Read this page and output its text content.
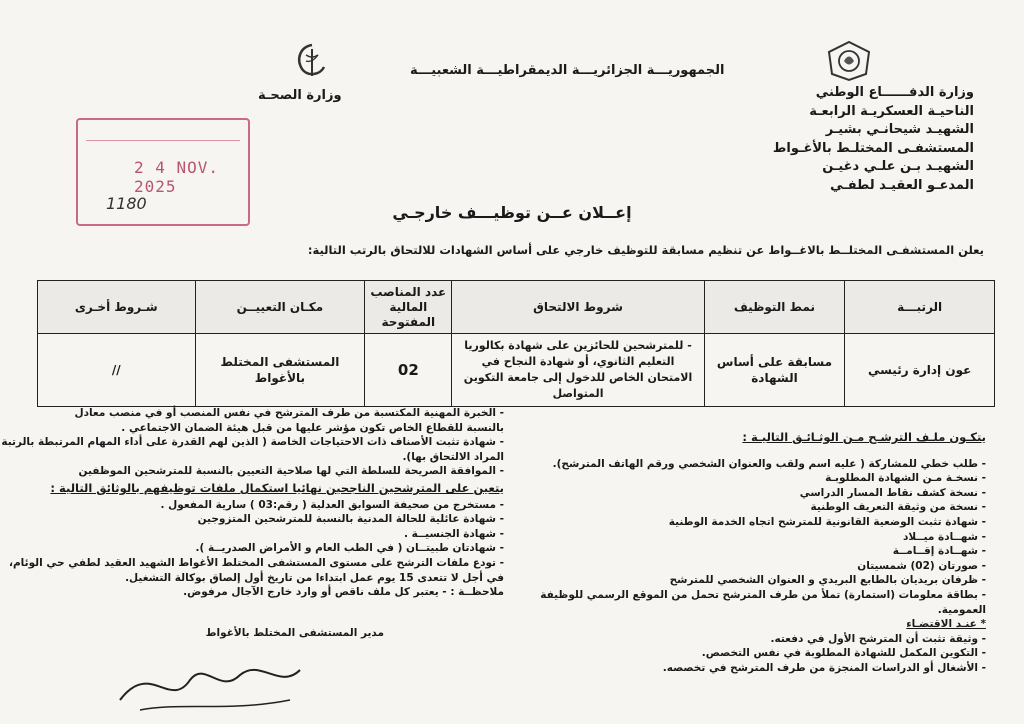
الجمهوريـــة الجزائريـــة الديمقراطيـــة الشعبيـــة
وزارة الصحـة	وزارة الدفــــــاع الوطني
الناحيـة العسكريـة الرابعـة
الشهيـد شيحانـي بشيـر
المستشفـى المختلـط بالأغـواط
الشهيـد بـن علـي دغيـن
المدعـو العقيـد لطفـي
2 4 NOV. 2025
1180	إعــلان عــن توظيـــف خارجـي
يعلن المستشفـى المختلــط بالاغــواط عن تنظيم مسابقة للتوظيف خارجي على أساس الشهادات للالتحاق بالرتب التالية:
الرتبـــة	نمط التوظيف	شروط الالتحاق	عدد المناصب المالية المفتوحة	مكـان التعييــن	شـروط أخـرى
عون إدارة رئيسي	مسابقة على أساس الشهادة	- للمترشحين للحائزين على شهادة بكالوريا التعليم الثانوي، أو شهادة النجاح في الامتحان الخاص للدخول إلى جامعة التكوين المتواصل	02	المستشفى المختلط بالأغواط	//
يتكـون ملـف الترشـح مـن الوثـائـق التاليـة :
- طلب خطي للمشاركة ( عليه اسم ولقب والعنوان الشخصي ورقم الهاتف المترشح).
- نسخـة مـن الشهادة المطلوبـة
- نسخة كشف نقاط المسار الدراسي
- نسخة من وثيقة التعريف الوطنية
- شهادة تثبت الوضعية القانونية للمترشح اتجاه الخدمة الوطنية
- شهــادة ميــلاد
- شهــادة إقــامــة
- صورتان (02) شمسيتان
- ظرفان بريديان بالطابع البريدي و العنوان الشخصي للمترشح
- بطاقة معلومات (استمارة) تملأ من طرف المترشح تحمل من الموقع الرسمي للوظيفة العمومية.
* عنـد الاقتضـاء
- وثيقة تثبت أن المترشح الأول في دفعته.
- التكوين المكمل للشهادة المطلوبة في نفس التخصص.
- الأشغال أو الدراسات المنجزة من طرف المترشح في تخصصه.
- الخبرة المهنية المكتسبة من طرف المترشح في نفس المنصب أو في منصب معادل
بالنسبة للقطاع الخاص تكون مؤشر عليها من قبل هيئة الضمان الاجتماعي .
- شهادة تثبت الأصناف ذات الاحتياجات الخاصة ( الذين لهم القدرة على أداء المهام المرتبطة بالرتبة
المراد الالتحاق بها).
- الموافقة الصريحة للسلطة التي لها صلاحية التعيين بالنسبة للمترشحين الموظفين
يتعين على المترشحين الناجحين نهائيا استكمال ملفات توظيفهم بالوثائق التالية :
- مستخرج من صحيفة السوابق العدلية ( رقم:03 ) سارية المفعول .
- شهادة عائلية للحالة المدنية بالنسبة للمترشحين المتزوجين
- شهادة الجنسيــة .
- شهادتان طبيتــان ( في الطب العام و الأمراض الصدريــة ).
- تودع ملفات الترشح على مستوى المستشفى المختلط الأغواط الشهيد العقيد لطفي حي الوئام،
في أجل لا تتعدى 15 يوم عمل ابتداءا من تاريخ أول إلصاق بوكالة التشغيل.
ملاحظــة : - يعتبر كل ملف ناقص أو وارد خارج الآجال مرفوض.
مدير المستشفى المختلط بالأغواط
